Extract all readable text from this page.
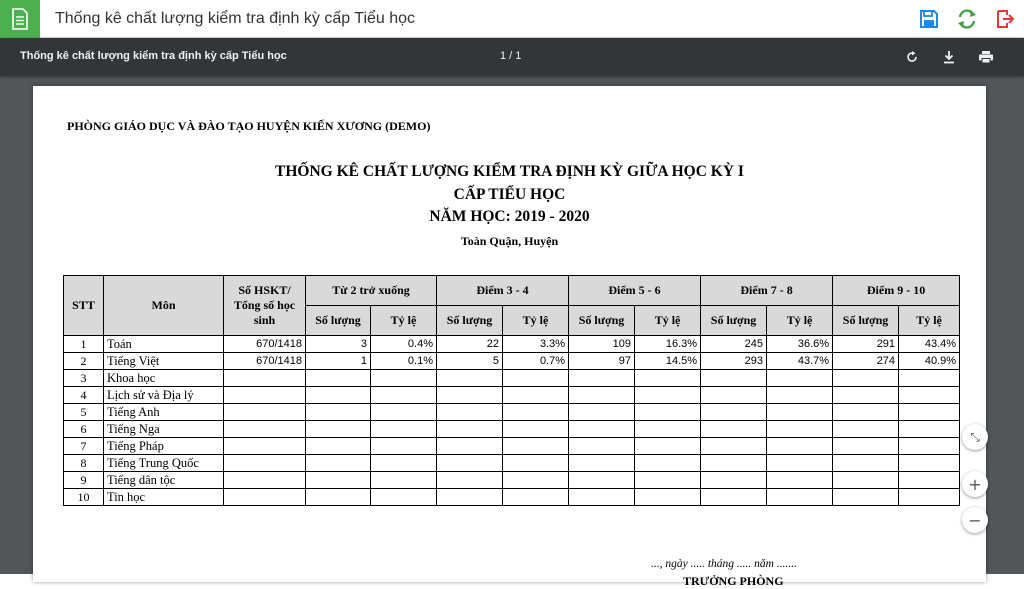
Thống kê chất lượng kiểm tra định kỳ cấp Tiểu học
Thống kê chất lượng kiểm tra định kỳ cấp Tiểu học	1 / 1
PHÒNG GIÁO DỤC VÀ ĐÀO TẠO HUYỆN KIẾN XƯƠNG (DEMO)
THỐNG KÊ CHẤT LƯỢNG KIỂM TRA ĐỊNH KỲ GIỮA HỌC KỲ I
CẤP TIỂU HỌC
NĂM HỌC: 2019 - 2020
Toàn Quận, Huyện
STT	Môn	Số HSKT/ Tổng số học sinh	Từ 2 trở xuống		Điểm 3 - 4		Điểm 5 - 6		Điểm 7 - 8		Điểm 9 - 10	
			Số lượng	Tỷ lệ	Số lượng	Tỷ lệ	Số lượng	Tỷ lệ	Số lượng	Tỷ lệ	Số lượng	Tỷ lệ
1	Toán	670/1418	3	0.4%	22	3.3%	109	16.3%	245	36.6%	291	43.4%
2	Tiếng Việt	670/1418	1	0.1%	5	0.7%	97	14.5%	293	43.7%	274	40.9%
3	Khoa học											
4	Lịch sử và Địa lý											
5	Tiếng Anh											
6	Tiếng Nga											
7	Tiếng Pháp											
8	Tiếng Trung Quốc											
9	Tiếng dân tộc											
10	Tin học											
..., ngày ..... tháng ..... năm .......
TRƯỞNG PHÒNG
⤡
+
−
